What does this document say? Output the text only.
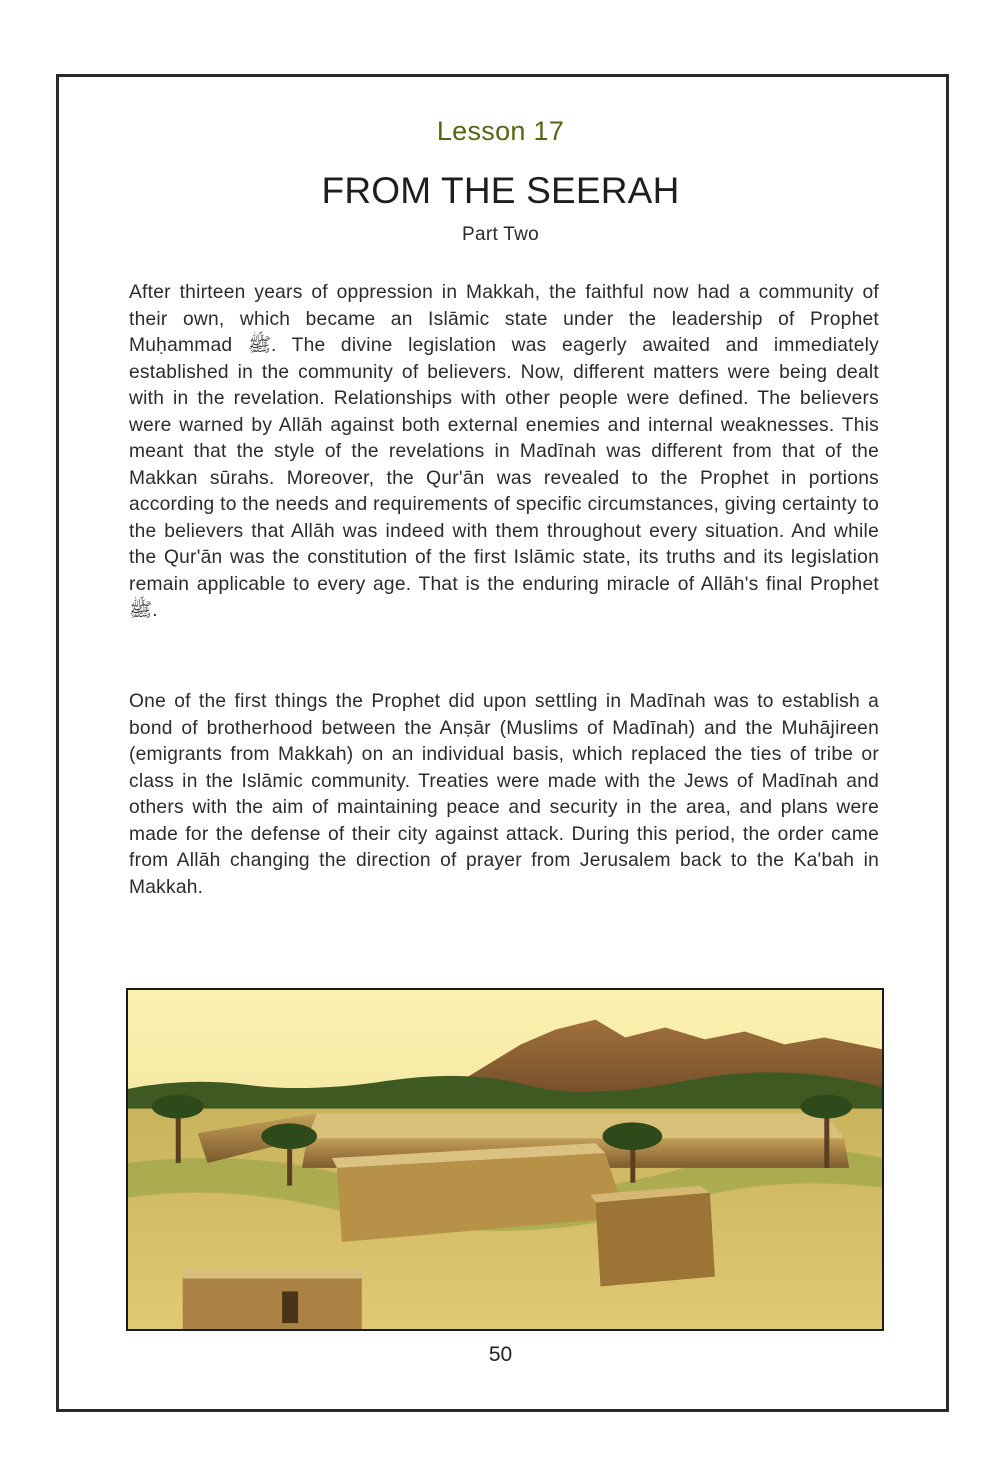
Lesson 17
FROM THE SEERAH
Part Two

After thirteen years of oppression in Makkah, the faithful now had a community of their own, which became an Islāmic state under the leadership of Prophet Muḥammad ﷺ. The divine legislation was eagerly awaited and immediately established in the community of believers. Now, different matters were being dealt with in the revelation. Relationships with other people were defined. The believers were warned by Allāh against both external enemies and internal weaknesses. This meant that the style of the revelations in Madīnah was different from that of the Makkan sūrahs. Moreover, the Qur'ān was revealed to the Prophet in portions according to the needs and requirements of specific circumstances, giving certainty to the believers that Allāh was indeed with them throughout every situation. And while the Qur'ān was the constitution of the first Islāmic state, its truths and its legislation remain applicable to every age. That is the enduring miracle of Allāh's final Prophet ﷺ.

One of the first things the Prophet did upon settling in Madīnah was to establish a bond of brotherhood between the Anṣār (Muslims of Madīnah) and the Muhājireen (emigrants from Makkah) on an individual basis, which replaced the ties of tribe or class in the Islāmic community. Treaties were made with the Jews of Madīnah and others with the aim of maintaining peace and security in the area, and plans were made for the defense of their city against attack. During this period, the order came from Allāh changing the direction of prayer from Jerusalem back to the Ka'bah in Makkah.

50
